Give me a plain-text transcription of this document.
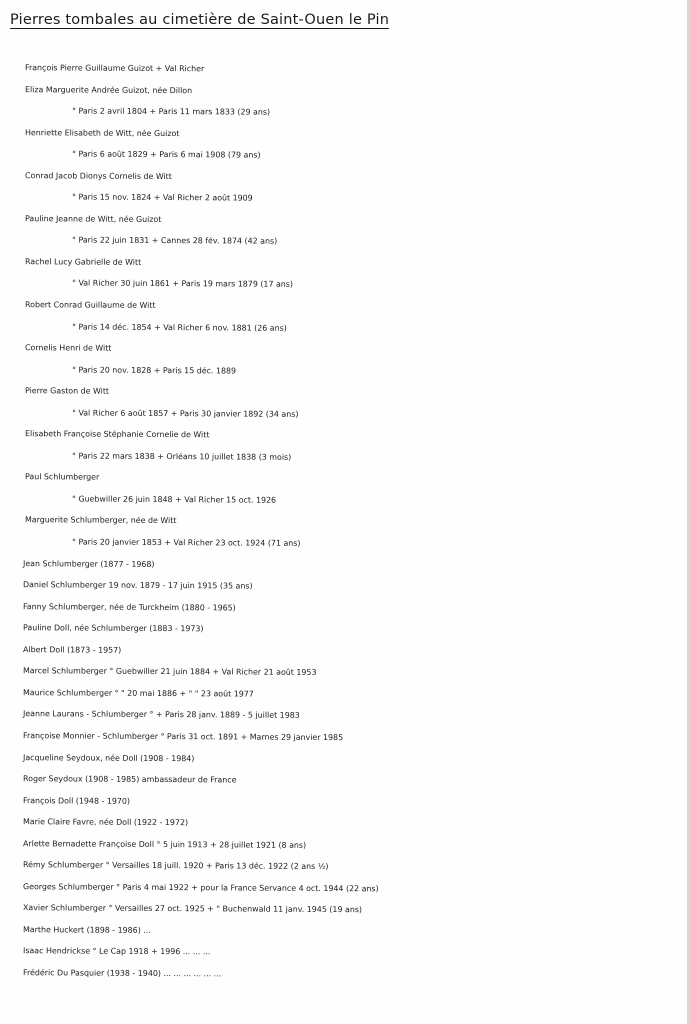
Pierres tombales au cimetière de Saint-Ouen le Pin
François Pierre Guillaume Guizot + Val Richer
Eliza Marguerite Andrée Guizot, née Dillon
° Paris 2 avril 1804 + Paris 11 mars 1833 (29 ans)
Henriette Elisabeth de Witt, née Guizot
° Paris 6 août 1829 + Paris 6 mai 1908 (79 ans)
Conrad Jacob Dionys Cornelis de Witt
° Paris 15 nov. 1824 + Val Richer 2 août 1909
Pauline Jeanne de Witt, née Guizot
° Paris 22 juin 1831 + Cannes 28 fév. 1874 (42 ans)
Rachel Lucy Gabrielle de Witt
° Val Richer 30 juin 1861 + Paris 19 mars 1879 (17 ans)
Robert Conrad Guillaume de Witt
° Paris 14 déc. 1854 + Val Richer 6 nov. 1881 (26 ans)
Cornelis Henri de Witt
° Paris 20 nov. 1828 + Paris 15 déc. 1889
Pierre Gaston de Witt
° Val Richer 6 août 1857 + Paris 30 janvier 1892 (34 ans)
Elisabeth Françoise Stéphanie Cornelie de Witt
° Paris 22 mars 1838 + Orléans 10 juillet 1838 (3 mois)
Paul Schlumberger
° Guebwiller 26 juin 1848 + Val Richer 15 oct. 1926
Marguerite Schlumberger, née de Witt
° Paris 20 janvier 1853 + Val Richer 23 oct. 1924 (71 ans)
Jean Schlumberger (1877 - 1968)
Daniel Schlumberger 19 nov. 1879 - 17 juin 1915 (35 ans)
Fanny Schlumberger, née de Turckheim (1880 - 1965)
Pauline Doll, née Schlumberger (1883 - 1973)
Albert Doll (1873 - 1957)
Marcel Schlumberger ° Guebwiller 21 juin 1884 + Val Richer 21 août 1953
Maurice Schlumberger ° " 20 mai 1886 + " " 23 août 1977
Jeanne Laurans - Schlumberger ° + Paris 28 janv. 1889 - 5 juillet 1983
Françoise Monnier - Schlumberger ° Paris 31 oct. 1891 + Marnes 29 janvier 1985
Jacqueline Seydoux, née Doll (1908 - 1984)
Roger Seydoux (1908 - 1985) ambassadeur de France
François Doll (1948 - 1970)
Marie Claire Favre, née Doll (1922 - 1972)
Arlette Bernadette Françoise Doll ° 5 juin 1913 + 28 juillet 1921 (8 ans)
Rémy Schlumberger ° Versailles 18 juill. 1920 + Paris 13 déc. 1922 (2 ans ½)
Georges Schlumberger ° Paris 4 mai 1922 + pour la France Servance 4 oct. 1944 (22 ans)
Xavier Schlumberger ° Versailles 27 oct. 1925 + " Buchenwald 11 janv. 1945 (19 ans)
Marthe Huckert (1898 - 1986) ...
Isaac Hendrickse ° Le Cap 1918 + 1996 ... ... ...
Frédéric Du Pasquier (1938 - 1940) ... ... ... ... ... ...
